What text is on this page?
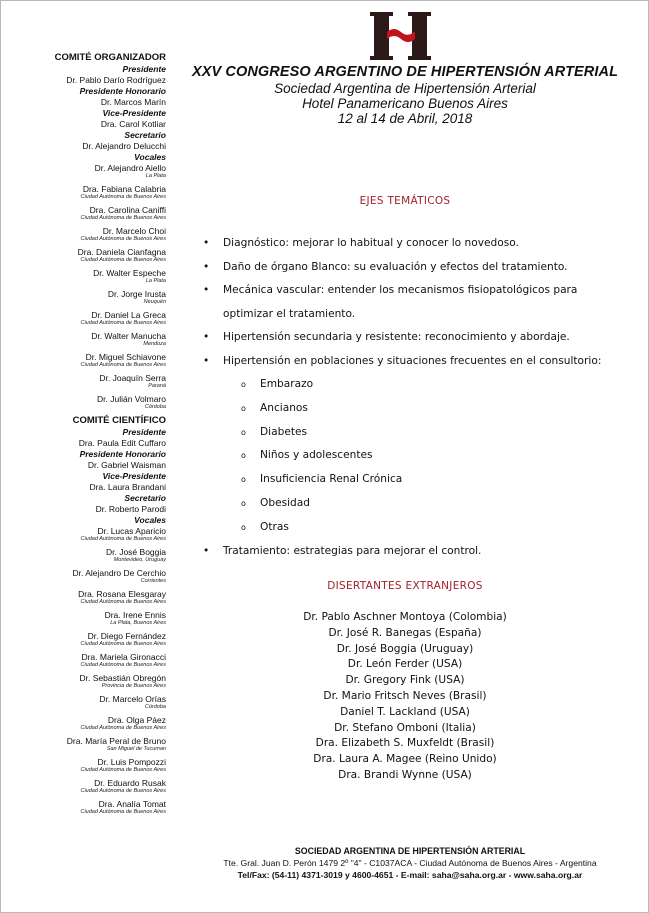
XXV CONGRESO ARGENTINO DE HIPERTENSIÓN ARTERIAL
Sociedad Argentina de Hipertensión Arterial
Hotel Panamericano Buenos Aires
12 al 14 de Abril, 2018
COMITÉ ORGANIZADOR
Presidente
Dr. Pablo Darío Rodríguez
Presidente Honorario
Dr. Marcos Marín
Vice-Presidente
Dra. Carol Kotliar
Secretario
Dr. Alejandro Delucchi
Vocales
Dr. Alejandro Aiello
La Plata
Dra. Fabiana Calabria
Ciudad Autónoma de Buenos Aires
Dra. Carolina Caniffi
Ciudad Autónoma de Buenos Aires
Dr. Marcelo Choi
Ciudad Autónoma de Buenos Aires
Dra. Daniela Cianfagna
Ciudad Autónoma de Buenos Aires
Dr. Walter Espeche
La Plata
Dr. Jorge Irusta
Neuquén
Dr. Daniel La Greca
Ciudad Autónoma de Buenos Aires
Dr. Walter Manucha
Mendoza
Dr. Miguel Schiavone
Ciudad Autónoma de Buenos Aires
Dr. Joaquín Serra
Paraná
Dr. Julián Volmaro
Córdoba
COMITÉ CIENTÍFICO
Presidente
Dra. Paula Edit Cuffaro
Presidente Honorario
Dr. Gabriel Waisman
Vice-Presidente
Dra. Laura Brandani
Secretario
Dr. Roberto Parodi
Vocales
Dr. Lucas Aparicio
Ciudad Autónoma de Buenos Aires
Dr. José Boggia
Montevideo, Uruguay
Dr. Alejandro De Cerchio
Corrientes
Dra. Rosana Elesgaray
Ciudad Autónoma de Buenos Aires
Dra. Irene Ennis
La Plata, Buenos Aires
Dr. Diego Fernández
Ciudad Autónoma de Buenos Aires
Dra. Mariela Gironacci
Ciudad Autónoma de Buenos Aires
Dr. Sebastián Obregón
Provincia de Buenos Aires
Dr. Marcelo Orías
Córdoba
Dra. Olga Páez
Ciudad Autónoma de Buenos Aires
Dra. María Peral de Bruno
San Miguel de Tucuman
Dr. Luis Pompozzi
Ciudad Autónoma de Buenos Aires
Dr. Eduardo Rusak
Ciudad Autónoma de Buenos Aires
Dra. Analía Tomat
Ciudad Autónoma de Buenos Aires
EJES TEMÁTICOS
• Diagnóstico: mejorar lo habitual y conocer lo novedoso.
• Daño de órgano Blanco: su evaluación y efectos del tratamiento.
• Mecánica vascular: entender los mecanismos fisiopatológicos para
optimizar el tratamiento.
• Hipertensión secundaria y resistente: reconocimiento y abordaje.
• Hipertensión en poblaciones y situaciones frecuentes en el consultorio:
o Embarazo
o Ancianos
o Diabetes
o Niños y adolescentes
o Insuficiencia Renal Crónica
o Obesidad
o Otras
• Tratamiento: estrategias para mejorar el control.
DISERTANTES EXTRANJEROS
Dr. Pablo Aschner Montoya (Colombia)
Dr. José R. Banegas (España)
Dr. José Boggia (Uruguay)
Dr. León Ferder (USA)
Dr. Gregory Fink (USA)
Dr. Mario Fritsch Neves (Brasil)
Daniel T. Lackland (USA)
Dr. Stefano Omboni (Italia)
Dra. Elizabeth S. Muxfeldt (Brasil)
Dra. Laura A. Magee (Reino Unido)
Dra. Brandi Wynne (USA)
SOCIEDAD ARGENTINA DE HIPERTENSIÓN ARTERIAL
Tte. Gral. Juan D. Perón 1479 2º "4" - C1037ACA - Ciudad Autónoma de Buenos Aires - Argentina
Tel/Fax: (54-11) 4371-3019 y 4600-4651 - E-mail: saha@saha.org.ar - www.saha.org.ar
